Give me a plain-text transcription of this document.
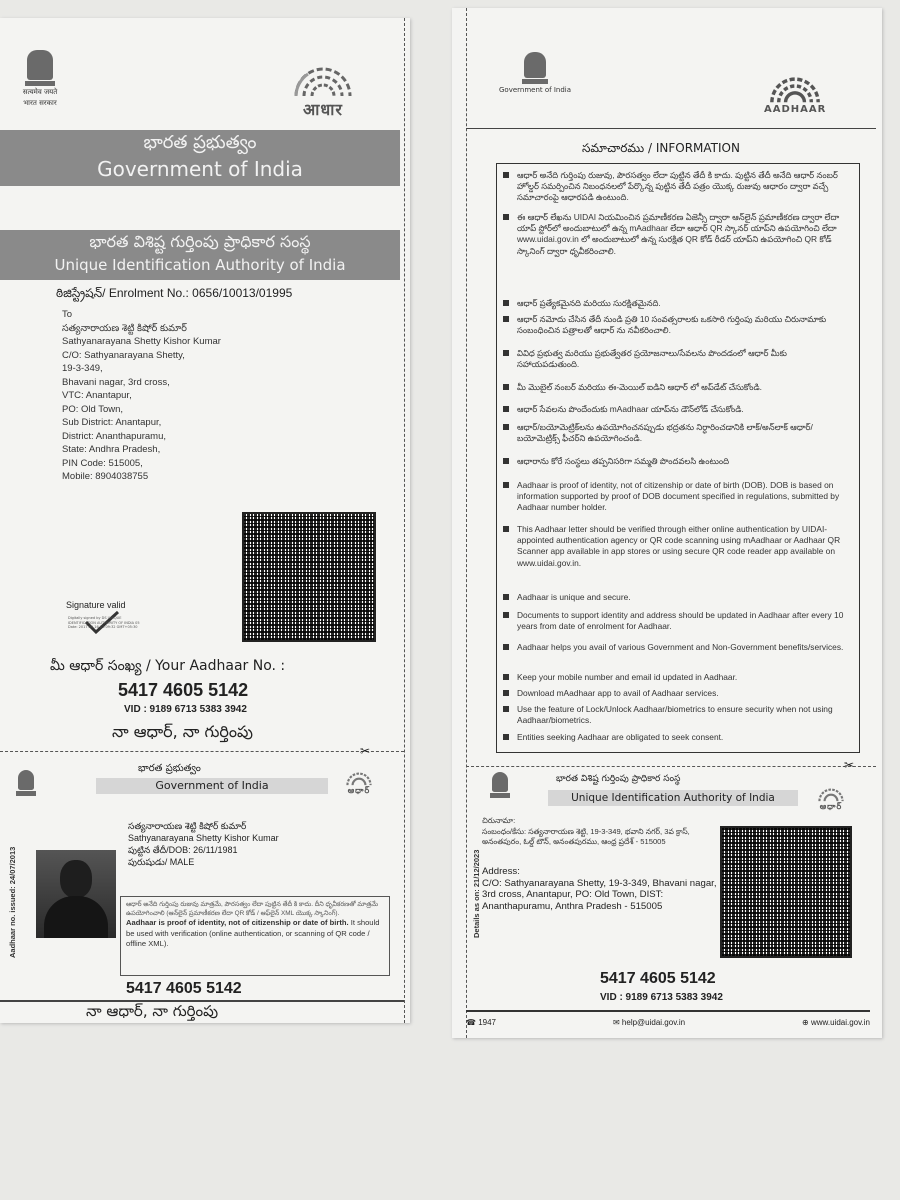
सत्यमेव जयते
भारत सरकार	आधार
భారత ప్రభుత్వం
Government of India
భారత విశిష్ట గుర్తింపు ప్రాధికార సంస్థ
Unique Identification Authority of India
ఠిజిస్ట్రేషన్/ Enrolment No.: 0656/10013/01995
To
సత్యనారాయణ శెట్టి కిషోర్ కుమార్
Sathyanarayana Shetty Kishor Kumar
C/O: Sathyanarayana Shetty,
19-3-349,
Bhavani nagar, 3rd cross,
VTC: Anantapur,
PO: Old Town,
Sub District: Anantapur,
District: Ananthapuramu,
State: Andhra Pradesh,
PIN Code: 515005,
Mobile: 8904038755
Signature valid
Digitally signed by DS UNIQUE IDENTIFICATION AUTHORITY OF INDIA 05 Date: 2017.09.16 11:09:32 GMT+05:30
మీ ఆధార్ సంఖ్య / Your Aadhaar No. :
5417 4605 5142
VID : 9189 6713 5383 3942
నా ఆధార్, నా గుర్తింపు
✂
భారత ప్రభుత్వం
Government of India	ఆధార్
Aadhaar no. issued: 24/07/2013
సత్యనారాయణ శెట్టి కిషోర్ కుమార్
Sathyanarayana Shetty Kishor Kumar
పుట్టిన తేదీ/DOB: 26/11/1981
పురుషుడు/ MALE
ఆధార్ అనేది గుర్తింపు రుజువు మాత్రమే, పౌరసత్వం లేదా పుట్టిన తేదీ కి కాదు. దీని ధృవీకరణతో మాత్రమే ఉపయోగించాలి (ఆన్‌లైన్ ప్రమాణీకరణ లేదా QR కోడ్ / ఆఫ్‌లైన్ XML యొక్క స్కానింగ్).
Aadhaar is proof of identity, not of citizenship or date of birth. It should be used with verification (online authentication, or scanning of QR code / offline XML).
5417 4605 5142
నా ఆధార్, నా గుర్తింపు
Government of India
AADHAAR
సమాచారము / INFORMATION
ఆధార్ అనేది గుర్తింపు రుజువు, పౌరసత్వం లేదా పుట్టిన తేదీ కి కాదు. పుట్టిన తేదీ అనేది ఆధార్ నంబర్ హోల్డర్ సమర్పించిన నిబంధనలలో పేర్కొన్న పుట్టిన తేదీ పత్రం యొక్క రుజువు ఆధారం ద్వారా వచ్చే సమాచారంపై ఆధారపడి ఉంటుంది.
ఈ ఆధార్ లేఖను UIDAI నియమించిన ప్రమాణీకరణ ఏజెన్సీ ద్వారా ఆన్‌లైన్ ప్రమాణీకరణ ద్వారా లేదా యాప్ స్టోర్‌లో అందుబాటులో ఉన్న mAadhaar లేదా ఆధార్ QR స్కానర్ యాప్‌ని ఉపయోగించి లేదా www.uidai.gov.in లో అందుబాటులో ఉన్న సురక్షిత QR కోడ్ రీడర్ యాప్‌ని ఉపయోగించి QR కోడ్ స్కానింగ్ ద్వారా ధృవీకరించాలి.
ఆధార్ ప్రత్యేకమైనది మరియు సురక్షితమైనది.
ఆధార్ నమోదు చేసిన తేదీ నుండి ప్రతి 10 సంవత్సరాలకు ఒకసారి గుర్తింపు మరియు చిరునామాకు సంబంధించిన పత్రాలతో ఆధార్ ను నవీకరించాలి.
వివిధ ప్రభుత్వ మరియు ప్రభుత్వేతర ప్రయోజనాలు/సేవలను పొందడంలో ఆధార్ మీకు సహాయపడుతుంది.
మీ మొబైల్ నంబర్ మరియు ఈ-మెయిల్ ఐడిని ఆధార్ లో అప్‌డేట్ చేసుకోండి.
ఆధార్ సేవలను పొందేందుకు mAadhaar యాప్‌ను డౌన్‌లోడ్ చేసుకోండి.
ఆధార్/బయోమెట్రిక్‌లను ఉపయోగించనప్పుడు భద్రతను నిర్ధారించడానికి లాక్/అన్‌లాక్ ఆధార్/బయోమెట్రిక్స్ ఫీచర్‌ని ఉపయోగించండి.
ఆధారాను కోరే సంస్థలు తప్పనిసరిగా సమ్మతి పొందవలసి ఉంటుంది
Aadhaar is proof of identity, not of citizenship or date of birth (DOB). DOB is based on information supported by proof of DOB document specified in regulations, submitted by Aadhaar number holder.
This Aadhaar letter should be verified through either online authentication by UIDAI-appointed authentication agency or QR code scanning using mAadhaar or Aadhaar QR Scanner app available in app stores or using secure QR code reader app available on www.uidai.gov.in.
Aadhaar is unique and secure.
Documents to support identity and address should be updated in Aadhaar after every 10 years from date of enrolment for Aadhaar.
Aadhaar helps you avail of various Government and Non-Government benefits/services.
Keep your mobile number and email id updated in Aadhaar.
Download mAadhaar app to avail of Aadhaar services.
Use the feature of Lock/Unlock Aadhaar/biometrics to ensure security when not using Aadhaar/biometrics.
Entities seeking Aadhaar are obligated to seek consent.
✂
భారత విశిష్ట గుర్తింపు ప్రాధికార సంస్థ
Unique Identification Authority of India
ఆధార్
Details as on: 21/12/2023
చిరునామా:
సంబంధం/కేసు: సత్యనారాయణ శెట్టి, 19-3-349, భవాని నగర్, 3వ క్రాస్, అనంతపురం, ఓల్డ్ టౌన్, అనంతపురము, ఆంధ్ర ప్రదేశ్ - 515005
Address:
C/O: Sathyanarayana Shetty, 19-3-349, Bhavani nagar, 3rd cross, Anantapur, PO: Old Town, DIST: Ananthapuramu, Anthra Pradesh - 515005
5417 4605 5142
VID : 9189 6713 5383 3942
☎ 1947	✉ help@uidai.gov.in	⊕ www.uidai.gov.in
